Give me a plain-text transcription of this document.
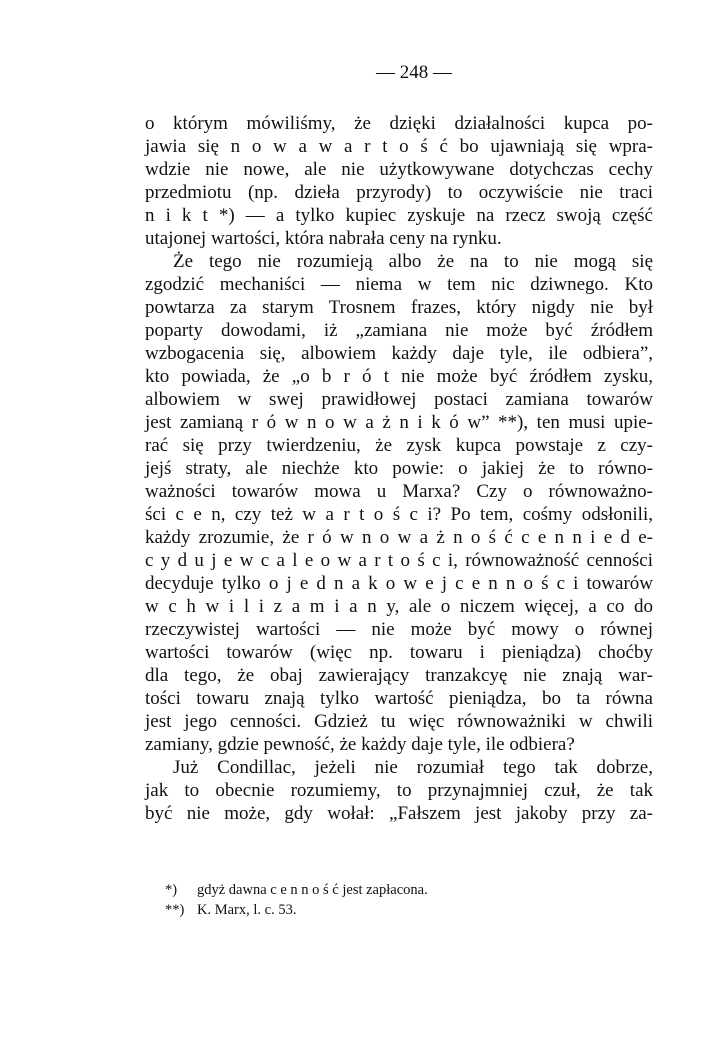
— 248 —
o którym mówiliśmy, że dzięki działalności kupca po‐
jawia się n o w a w a r t o ś ć bo ujawniają się wpra‐
wdzie nie nowe, ale nie użytkowywane dotychczas cechy
przedmiotu (np. dzieła przyrody) to oczywiście nie traci
n i k t *) — a tylko kupiec zyskuje na rzecz swoją część
utajonej wartości, która nabrała ceny na rynku.
Że tego nie rozumieją albo że na to nie mogą się
zgodzić mechaniści — niema w tem nic dziwnego. Kto
powtarza za starym Trosnem frazes, który nigdy nie był
poparty dowodami, iż „zamiana nie może być źródłem
wzbogacenia się, albowiem każdy daje tyle, ile odbiera”,
kto powiada, że „o b r ó t nie może być źródłem zysku,
albowiem w swej prawidłowej postaci zamiana towarów
jest zamianą r ó w n o w a ż n i k ó w” **), ten musi upie‐
rać się przy twierdzeniu, że zysk kupca powstaje z czy‐
jejś straty, ale niechże kto powie: o jakiej że to równo‐
ważności towarów mowa u Marxa? Czy o równoważno‐
ści c e n, czy też w a r t o ś c i? Po tem, cośmy odsłonili,
każdy zrozumie, że r ó w n o w a ż n o ś ć c e n n i e d e‐
c y d u j e w c a l e o w a r t o ś c i, równoważność cenności
decyduje tylko o j e d n a k o w e j c e n n o ś c i towarów
w c h w i l i z a m i a n y, ale o niczem więcej, a co do
rzeczywistej wartości — nie może być mowy o równej
wartości towarów (więc np. towaru i pieniądza) choćby
dla tego, że obaj zawierający tranzakcyę nie znają war‐
tości towaru znają tylko wartość pieniądza, bo ta równa
jest jego cenności. Gdzież tu więc równoważniki w chwili
zamiany, gdzie pewność, że każdy daje tyle, ile odbiera?
Już Condillac, jeżeli nie rozumiał tego tak dobrze,
jak to obecnie rozumiemy, to przynajmniej czuł, że tak
być nie może, gdy wołał: „Fałszem jest jakoby przy za‐
*) gdyż dawna c e n n o ś ć jest zapłacona.
**) K. Marx, l. c. 53.
